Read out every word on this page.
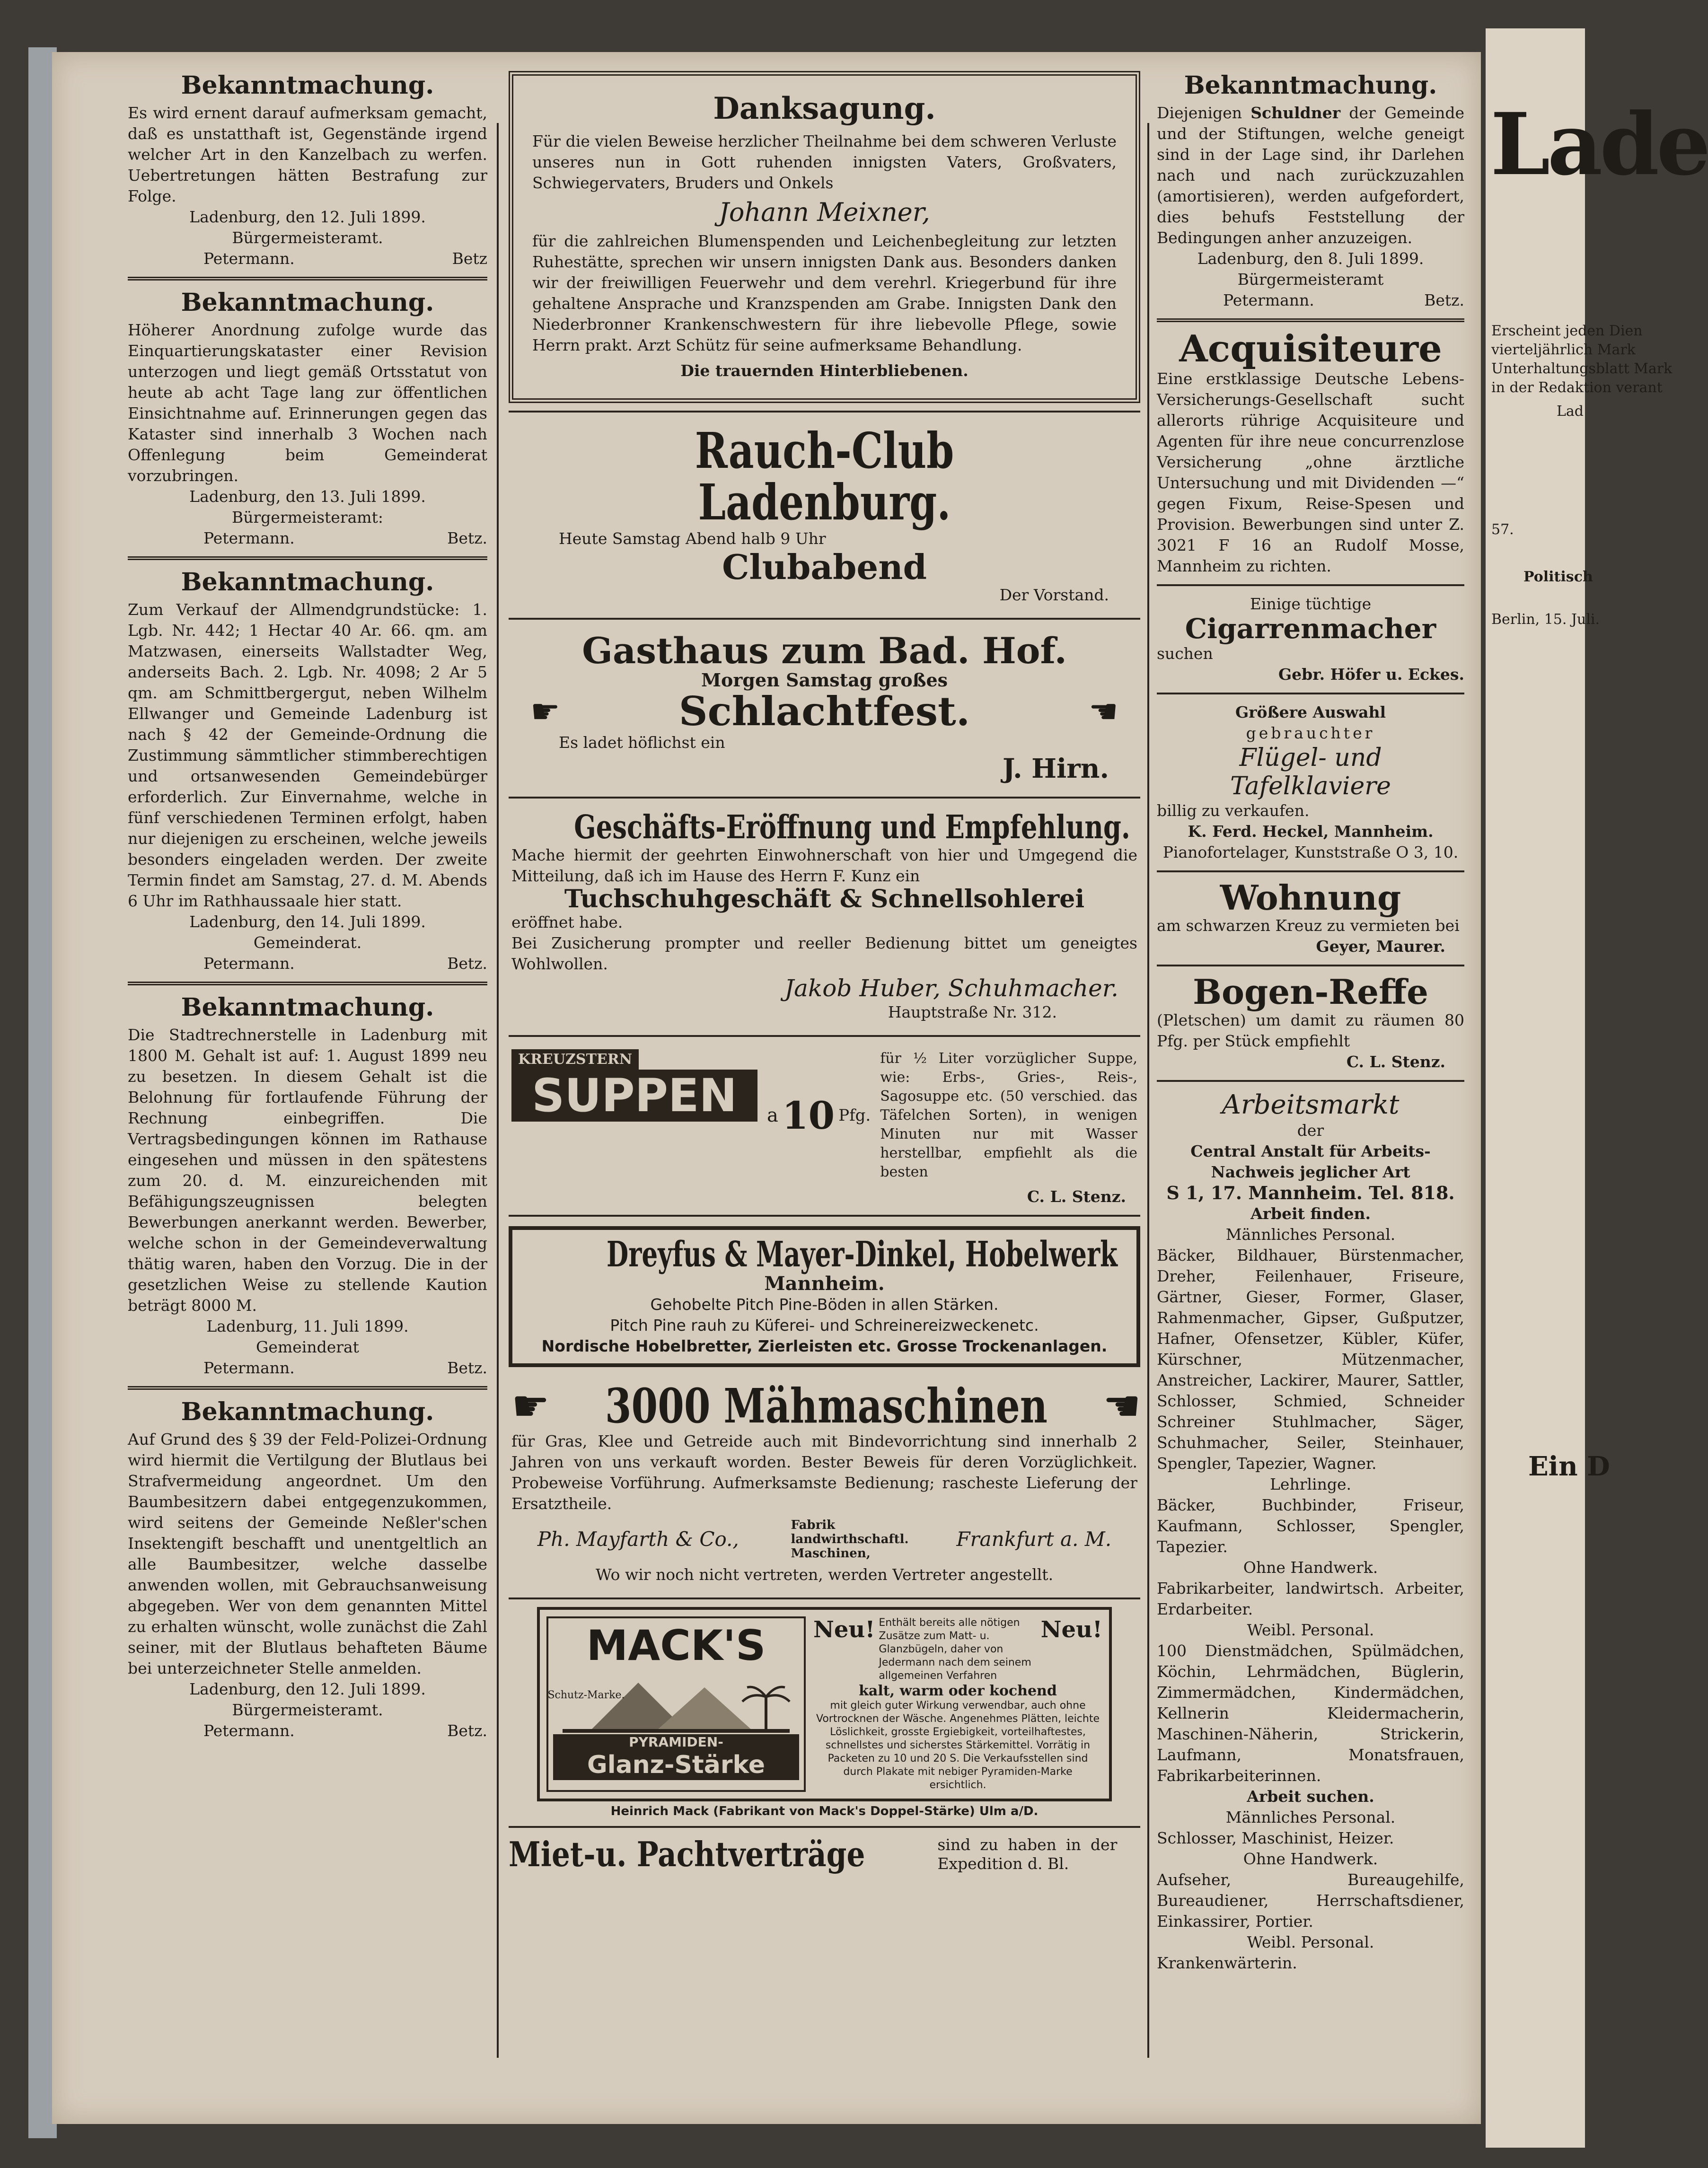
Lade
Erscheint jeden Dien
vierteljährlich Mark
Unterhaltungsblatt Mark
in der Redaktion verant
Lad
57.
Politisch
Berlin, 15. Juli.
Ein D
Bekanntmachung.

Es wird ernent darauf aufmerksam gemacht, daß es unstatthaft ist, Gegenstände irgend welcher Art in den Kanzelbach zu werfen. Uebertretungen hätten Bestrafung zur Folge.

Ladenburg, den 12. Juli 1899.
Bürgermeisteramt.
Petermann.	Betz
Bekanntmachung.

Höherer Anordnung zufolge wurde das Einquartierungskataster einer Revision unterzogen und liegt gemäß Ortsstatut von heute ab acht Tage lang zur öffentlichen Einsichtnahme auf. Erinnerungen gegen das Kataster sind innerhalb 3 Wochen nach Offenlegung beim Gemeinderat vorzubringen.

Ladenburg, den 13. Juli 1899.
Bürgermeisteramt:
Petermann.	Betz.
Bekanntmachung.

Zum Verkauf der Allmendgrundstücke: 1. Lgb. Nr. 442; 1 Hectar 40 Ar. 66. qm. am Matzwasen, einerseits Wallstadter Weg, anderseits Bach. 2. Lgb. Nr. 4098; 2 Ar 5 qm. am Schmittbergergut, neben Wilhelm Ellwanger und Gemeinde Ladenburg ist nach § 42 der Gemeinde-Ordnung die Zustimmung sämmtlicher stimmberechtigen und ortsanwesenden Gemeindebürger erforderlich. Zur Einvernahme, welche in fünf verschiedenen Terminen erfolgt, haben nur diejenigen zu erscheinen, welche jeweils besonders eingeladen werden. Der zweite Termin findet am Samstag, 27. d. M. Abends 6 Uhr im Rathhaussaale hier statt.

Ladenburg, den 14. Juli 1899.
Gemeinderat.
Petermann.	Betz.
Bekanntmachung.

Die Stadtrechnerstelle in Ladenburg mit 1800 M. Gehalt ist auf: 1. August 1899 neu zu besetzen. In diesem Gehalt ist die Belohnung für fortlaufende Führung der Rechnung einbegriffen. Die Vertragsbedingungen können im Rathause eingesehen und müssen in den spätestens zum 20. d. M. einzureichenden mit Befähigungszeugnissen belegten Bewerbungen anerkannt werden. Bewerber, welche schon in der Gemeindeverwaltung thätig waren, haben den Vorzug. Die in der gesetzlichen Weise zu stellende Kaution beträgt 8000 M.

Ladenburg, 11. Juli 1899.
Gemeinderat
Petermann.	Betz.
Bekanntmachung.

Auf Grund des § 39 der Feld-Polizei-Ordnung wird hiermit die Vertilgung der Blutlaus bei Strafvermeidung angeordnet. Um den Baumbesitzern dabei entgegenzukommen, wird seitens der Gemeinde Neßler'schen Insektengift beschafft und unentgeltlich an alle Baumbesitzer, welche dasselbe anwenden wollen, mit Gebrauchsanweisung abgegeben. Wer von dem genannten Mittel zu erhalten wünscht, wolle zunächst die Zahl seiner, mit der Blutlaus behafteten Bäume bei unterzeichneter Stelle anmelden.

Ladenburg, den 12. Juli 1899.
Bürgermeisteramt.
Petermann.	Betz.
Danksagung.

Für die vielen Beweise herzlicher Theilnahme bei dem schweren Verluste unseres nun in Gott ruhenden innigsten Vaters, Großvaters, Schwiegervaters, Bruders und Onkels

Johann Meixner,

für die zahlreichen Blumenspenden und Leichenbegleitung zur letzten Ruhestätte, sprechen wir unsern innigsten Dank aus. Besonders danken wir der freiwilligen Feuerwehr und dem verehrl. Kriegerbund für ihre gehaltene Ansprache und Kranzspenden am Grabe. Innigsten Dank den Niederbronner Krankenschwestern für ihre liebevolle Pflege, sowie Herrn prakt. Arzt Schütz für seine aufmerksame Behandlung.

Die trauernden Hinterbliebenen.
Rauch-Club Ladenburg.
Heute Samstag Abend halb 9 Uhr
Clubabend
Der Vorstand.
Gasthaus zum Bad. Hof.
Morgen Samstag großes
☛	Schlachtfest.	☛
Es ladet höflichst ein
J. Hirn.
Geschäfts-Eröffnung und Empfehlung.

Mache hiermit der geehrten Einwohnerschaft von hier und Umgegend die Mitteilung, daß ich im Hause des Herrn F. Kunz ein

Tuchschuhgeschäft & Schnellsohlerei
eröffnet habe.

Bei Zusicherung prompter und reeller Bedienung bittet um geneigtes Wohlwollen.

Jakob Huber, Schuhmacher.
Hauptstraße Nr. 312.
KREUZSTERN
SUPPEN	a 10 Pfg.

für ½ Liter vorzüglicher Suppe, wie: Erbs-, Gries-, Reis-, Sagosuppe etc. (50 verschied. das Täfelchen Sorten), in wenigen Minuten nur mit Wasser herstellbar, empfiehlt als die besten

C. L. Stenz.
Dreyfus & Mayer-Dinkel, Hobelwerk
Mannheim.
Gehobelte Pitch Pine-Böden in allen Stärken.
Pitch Pine rauh zu Küferei- und Schreinereizweckenetc.
Nordische Hobelbretter, Zierleisten etc. Grosse Trockenanlagen.
☛ 3000 Mähmaschinen ☛

für Gras, Klee und Getreide auch mit Bindevorrichtung sind innerhalb 2 Jahren von uns verkauft worden. Bester Beweis für deren Vorzüglichkeit. Probeweise Vorführung. Aufmerksamste Bedienung; raschestе Lieferung der Ersatztheile.

Ph. Mayfarth & Co.,
Fabrik landwirthschaftl. Maschinen,
Frankfurt a. M.
Wo wir noch nicht vertreten, werden Vertreter angestellt.
MACK'S
Schutz-Marke.
PYRAMIDEN-
Glanz-Stärke
Neu! Enthält bereits alle nötigen Zusätze zum Matt- u. Glanzbügeln, daher von Jedermann nach dem seinem allgemeinen Verfahren
Neu!
kalt, warm oder kochend
mit gleich guter Wirkung verwendbar, auch ohne Vortrocknen der Wäsche. Angenehmes Plätten, leichte Löslichkeit, grosste Ergiebigkeit, vorteilhaftestes, schnellstes und sicherstes Stärkemittel. Vorrätig in Packeten zu 10 und 20 S. Die Verkaufsstellen sind durch Plakate mit nebiger Pyramiden-Marke ersichtlich.
Heinrich Mack (Fabrikant von Mack's Doppel-Stärke) Ulm a/D.
Miet-u. Pachtverträge	sind zu haben in der Expedition d. Bl.
Bekanntmachung.

Diejenigen Schuldner der Gemeinde und der Stiftungen, welche geneigt sind in der Lage sind, ihr Darlehen nach und nach zurückzuzahlen (amortisieren), werden aufgefordert, dies behufs Feststellung der Bedingungen anher anzuzeigen.

Ladenburg, den 8. Juli 1899.
Bürgermeisteramt
Petermann.	Betz.
Acquisiteure

Eine erstklassige Deutsche Lebens-Versicherungs-Gesellschaft sucht allerorts rührige Acquisiteure und Agenten für ihre neue concurrenzlose Versicherung „ohne ärztliche Untersuchung und mit Dividenden —“ gegen Fixum, Reise-Spesen und Provision. Bewerbungen sind unter Z. 3021 F 16 an Rudolf Mosse, Mannheim zu richten.

Einige tüchtige
Cigarrenmacher
suchen
Gebr. Höfer u. Eckes.
Größere Auswahl
gebrauchter
Flügel- und Tafelklaviere
billig zu verkaufen.
K. Ferd. Heckel, Mannheim.
Pianofortelager, Kunststraße O 3, 10.
Wohnung
am schwarzen Kreuz zu vermieten bei
Geyer, Maurer.
Bogen-Reffe

(Pletschen) um damit zu räumen 80 Pfg. per Stück empfiehlt

C. L. Stenz.
Arbeitsmarkt
der
Central Anstalt für Arbeits-
Nachweis jeglicher Art
S 1, 17. Mannheim. Tel. 818.
Arbeit finden.
Männliches Personal.

Bäcker, Bildhauer, Bürstenmacher, Dreher, Feilenhauer, Friseure, Gärtner, Gieser, Former, Glaser, Rahmenmacher, Gipser, Gußputzer, Hafner, Ofensetzer, Kübler, Küfer, Kürschner, Mützenmacher, Anstreicher, Lackirer, Maurer, Sattler, Schlosser, Schmied, Schneider Schreiner Stuhlmacher, Säger, Schuhmacher, Seiler, Steinhauer, Spengler, Tapezier, Wagner.

Lehrlinge.

Bäcker, Buchbinder, Friseur, Kaufmann, Schlosser, Spengler, Tapezier.

Ohne Handwerk.

Fabrikarbeiter, landwirtsch. Arbeiter, Erdarbeiter.

Weibl. Personal.

100 Dienstmädchen, Spülmädchen, Köchin, Lehrmädchen, Büglerin, Zimmermädchen, Kindermädchen, Kellnerin Kleidermacherin, Maschinen-Näherin, Strickerin, Laufmann, Monatsfrauen, Fabrikarbeiterinnen.

Arbeit suchen.
Männliches Personal.

Schlosser, Maschinist, Heizer.

Ohne Handwerk.

Aufseher, Bureaugehilfe, Bureaudiener, Herrschaftsdiener, Einkassirer, Portier.

Weibl. Personal.

Krankenwärterin.
